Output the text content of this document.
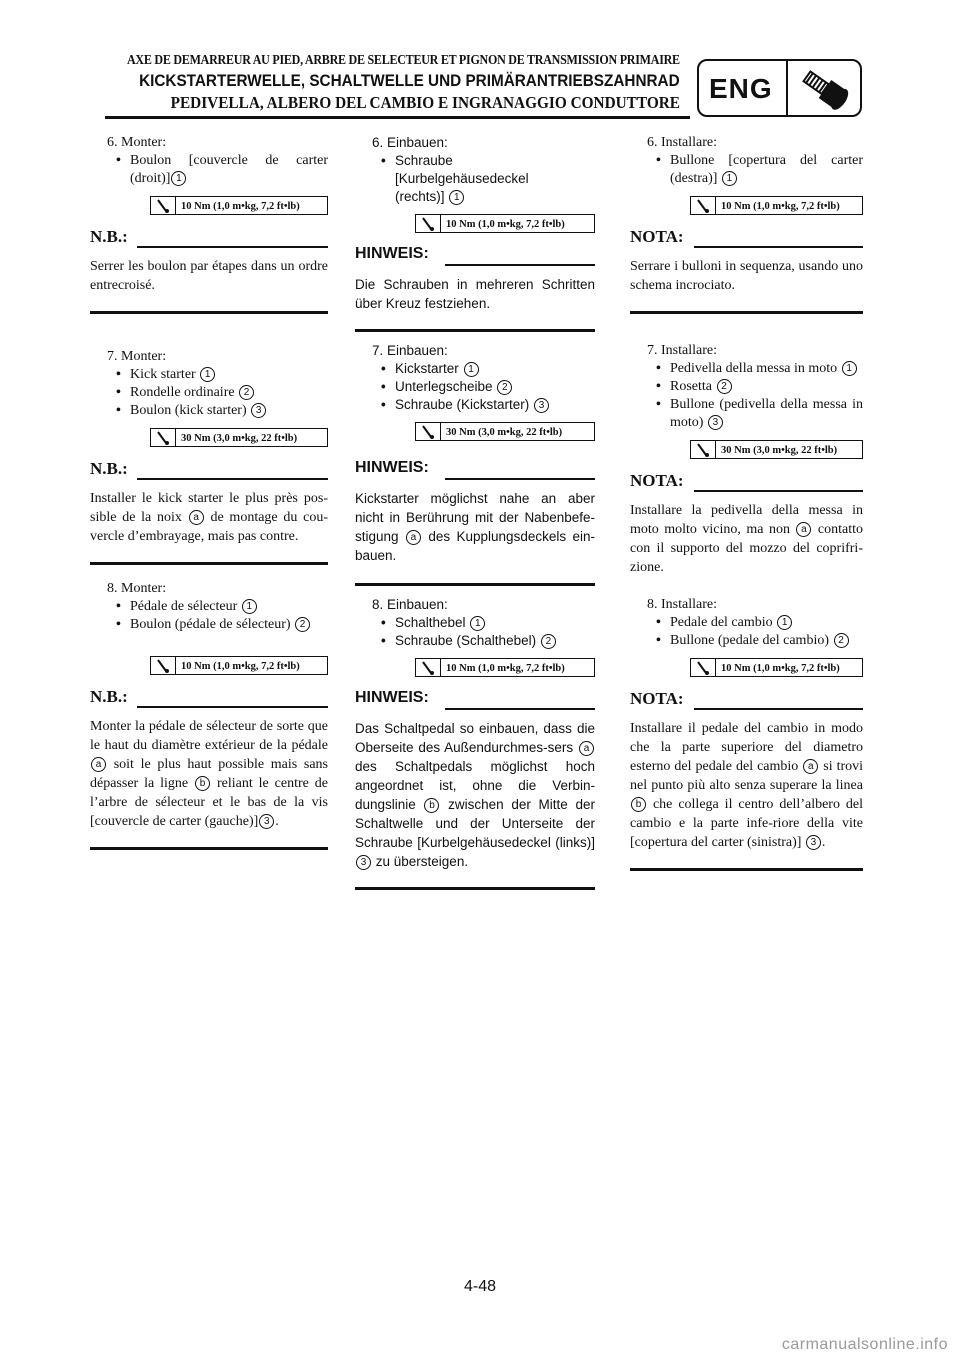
AXE DE DEMARREUR AU PIED, ARBRE DE SELECTEUR ET PIGNON DE TRANSMISSION PRIMAIRE
KICKSTARTERWELLE, SCHALTWELLE UND PRIMÄRANTRIEBSZAHNRAD
PEDIVELLA, ALBERO DEL CAMBIO E INGRANAGGIO CONDUTTORE ENG
6. Monter:
• Boulon [couvercle de carter (droit)] 1
10 Nm (1,0 m•kg, 7,2 ft•lb)
N.B.:
Serrer les boulon par étapes dans un ordre entrecroisé.
7. Monter:
• Kick starter 1
• Rondelle ordinaire 2
• Boulon (kick starter) 3
30 Nm (3,0 m•kg, 22 ft•lb)
N.B.:
Installer le kick starter le plus près pos-sible de la noix a de montage du cou-vercle d’embrayage, mais pas contre.
8. Monter:
• Pédale de sélecteur 1
• Boulon (pédale de sélecteur) 2
10 Nm (1,0 m•kg, 7,2 ft•lb)
N.B.:
Monter la pédale de sélecteur de sorte que le haut du diamètre extérieur de la pédale a soit le plus haut possible mais sans dépasser la ligne b reliant le centre de l’arbre de sélecteur et le bas de la vis [couvercle de carter (gauche)] 3 .
6. Einbauen:
• Schraube [Kurbelgehäusedeckel (rechts)] 1
10 Nm (1,0 m•kg, 7,2 ft•lb)
HINWEIS:
Die Schrauben in mehreren Schritten über Kreuz festziehen.
7. Einbauen:
• Kickstarter 1
• Unterlegscheibe 2
• Schraube (Kickstarter) 3
30 Nm (3,0 m•kg, 22 ft•lb)
HINWEIS:
Kickstarter möglichst nahe an aber nicht in Berührung mit der Nabenbefe-stigung a des Kupplungsdeckels ein-bauen.
8. Einbauen:
• Schalthebel 1
• Schraube (Schalthebel) 2
10 Nm (1,0 m•kg, 7,2 ft•lb)
HINWEIS:
Das Schaltpedal so einbauen, dass die Oberseite des Außendurchmes-sers a des Schaltpedals möglichst hoch angeordnet ist, ohne die Verbin-dungslinie b zwischen der Mitte der Schaltwelle und der Unterseite der Schraube [Kurbelgehäusedeckel (links)] 3 zu übersteigen.
6. Installare:
• Bullone [copertura del carter (destra)] 1
10 Nm (1,0 m•kg, 7,2 ft•lb)
NOTA:
Serrare i bulloni in sequenza, usando uno schema incrociato.
7. Installare:
• Pedivella della messa in moto 1
• Rosetta 2
• Bullone (pedivella della messa in moto) 3
30 Nm (3,0 m•kg, 22 ft•lb)
NOTA:
Installare la pedivella della messa in moto molto vicino, ma non a contatto con il supporto del mozzo del coprifri-zione.
8. Installare:
• Pedale del cambio 1
• Bullone (pedale del cambio) 2
10 Nm (1,0 m•kg, 7,2 ft•lb)
NOTA:
Installare il pedale del cambio in modo che la parte superiore del diametro esterno del pedale del cambio a si trovi nel punto più alto senza superare la linea b che collega il centro dell’albero del cambio e la parte infe-riore della vite [copertura del carter (sinistra)] 3 .
4-48
carmanualsonline.info
